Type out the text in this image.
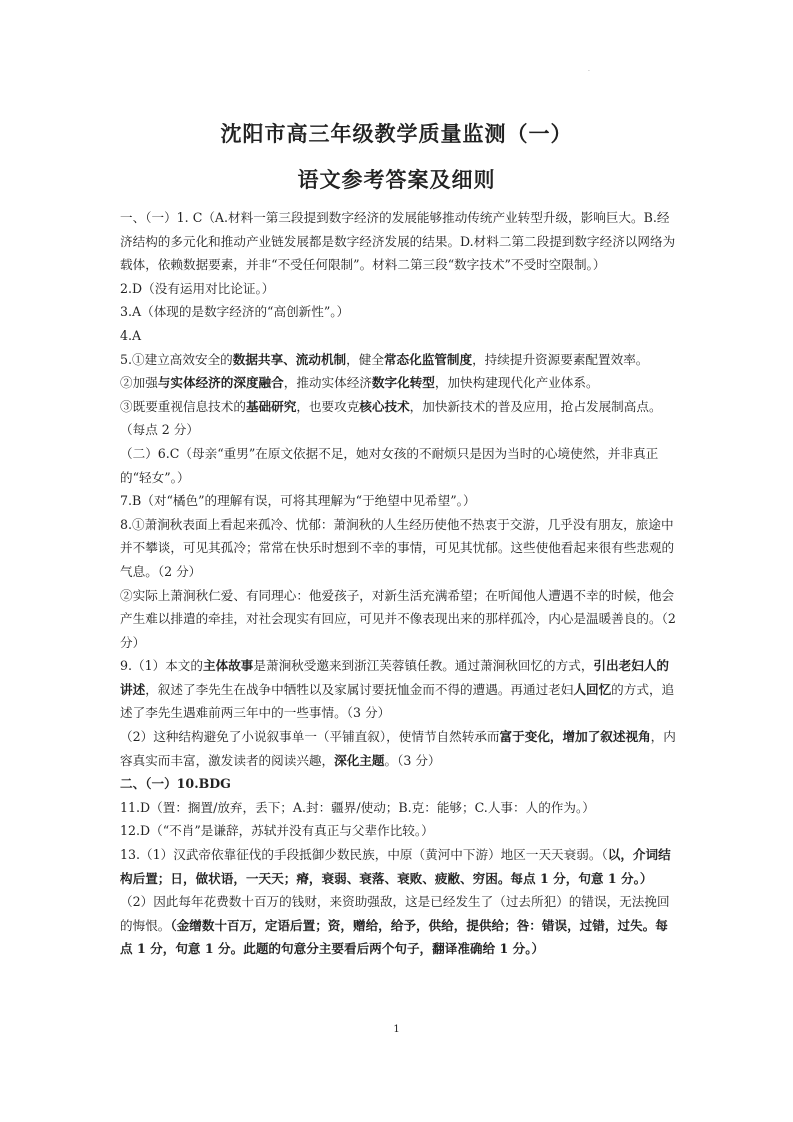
·
沈阳市高三年级教学质量监测（一）
语文参考答案及细则

一、（一）1. C（A.材料一第三段提到数字经济的发展能够推动传统产业转型升级，影响巨大。B.经济结构的多元化和推动产业链发展都是数字经济发展的结果。D.材料二第二段提到数字经济以网络为载体，依赖数据要素，并非“不受任何限制”。材料二第三段“数字技术”不受时空限制。）

2.D（没有运用对比论证。）

3.A（体现的是数字经济的“高创新性”。）

4.A

5.①建立高效安全的数据共享、流动机制，健全常态化监管制度，持续提升资源要素配置效率。

②加强与实体经济的深度融合，推动实体经济数字化转型，加快构建现代化产业体系。

③既要重视信息技术的基础研究，也要攻克核心技术，加快新技术的普及应用，抢占发展制高点。（每点 2 分）

（二）6.C（母亲“重男”在原文依据不足，她对女孩的不耐烦只是因为当时的心境使然，并非真正的“轻女”。）

7.B（对“橘色”的理解有误，可将其理解为“于绝望中见希望”。）

8.①萧涧秋表面上看起来孤冷、忧郁：萧涧秋的人生经历使他不热衷于交游，几乎没有朋友，旅途中并不攀谈，可见其孤冷；常常在快乐时想到不幸的事情，可见其忧郁。这些使他看起来很有些悲观的气息。（2 分）

②实际上萧涧秋仁爱、有同理心：他爱孩子，对新生活充满希望；在听闻他人遭遇不幸的时候，他会产生难以排遣的牵挂，对社会现实有回应，可见并不像表现出来的那样孤冷，内心是温暖善良的。（2 分）

9.（1）本文的主体故事是萧涧秋受邀来到浙江芙蓉镇任教。通过萧涧秋回忆的方式，引出老妇人的讲述，叙述了李先生在战争中牺牲以及家属讨要抚恤金而不得的遭遇。再通过老妇人回忆的方式，追述了李先生遇难前两三年中的一些事情。（3 分）

（2）这种结构避免了小说叙事单一（平铺直叙），使情节自然转承而富于变化，增加了叙述视角，内容真实而丰富，激发读者的阅读兴趣，深化主题。（3 分）

二、（一）10.BDG

11.D（置：搁置/放弃，丢下；A.封：疆界/使动；B.克：能够；C.人事：人的作为。）

12.D（“不肖”是谦辞，苏轼并没有真正与父辈作比较。）

13.（1）汉武帝依靠征伐的手段抵御少数民族，中原（黄河中下游）地区一天天衰弱。（以，介词结构后置；日，做状语，一天天；瘠，衰弱、衰落、衰败、疲敝、穷困。每点 1 分，句意 1 分。）

（2）因此每年花费数十百万的钱财，来资助强敌，这是已经发生了（过去所犯）的错误，无法挽回的悔恨。（金缯数十百万，定语后置；资，赠给，给予，供给，提供给；咎：错误，过错，过失。每点 1 分，句意 1 分。此题的句意分主要看后两个句子，翻译准确给 1 分。）

1
